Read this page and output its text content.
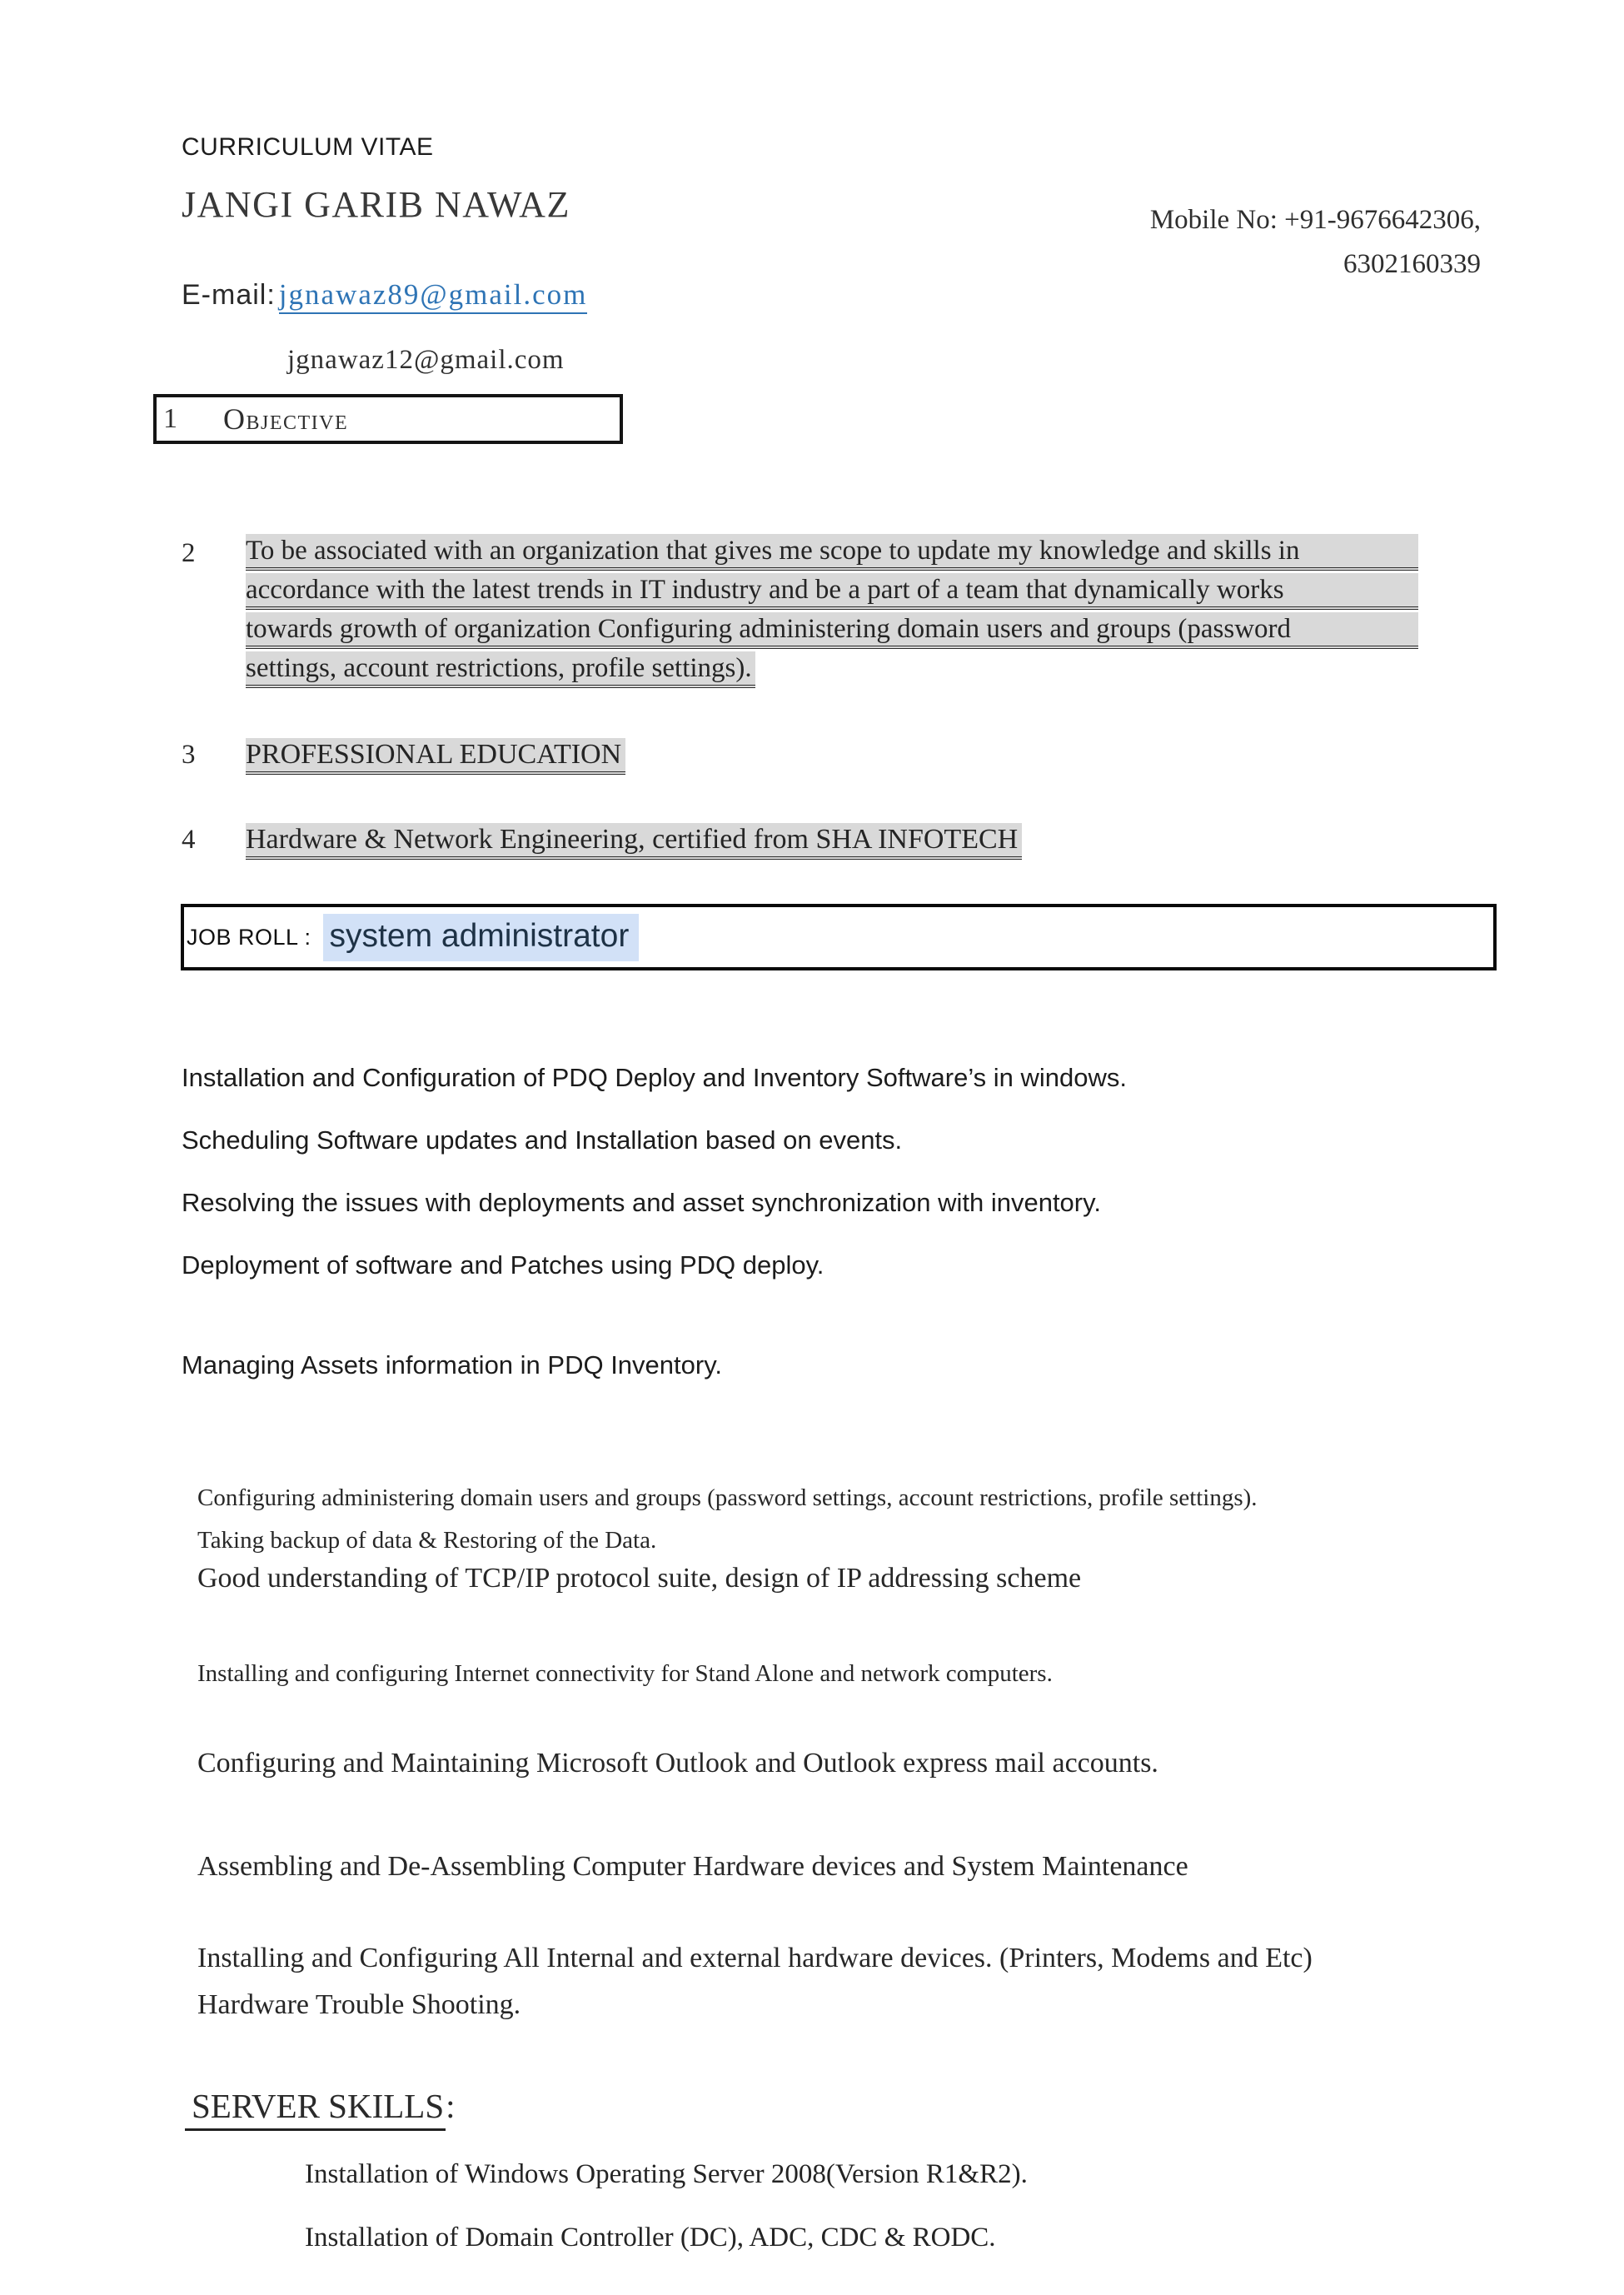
CURRICULUM VITAE
JANGI GARIB NAWAZ	Mobile No: +91-9676642306,
6302160339
E-mail: jgnawaz89@gmail.com
jgnawaz12@gmail.com
1 Objective
2 To be associated with an organization that gives me scope to update my knowledge and skills in
accordance with the latest trends in IT industry and be a part of a team that dynamically works
towards growth of organization Configuring administering domain users and groups (password
settings, account restrictions, profile settings).
3 PROFESSIONAL EDUCATION
4 Hardware & Network Engineering, certified from SHA INFOTECH
JOB ROLL : system administrator
Installation and Configuration of PDQ Deploy and Inventory Software’s in windows.
Scheduling Software updates and Installation based on events.
Resolving the issues with deployments and asset synchronization with inventory.
Deployment of software and Patches using PDQ deploy.
Managing Assets information in PDQ Inventory.
Configuring administering domain users and groups (password settings, account restrictions, profile settings).
Taking backup of data & Restoring of the Data.
Good understanding of TCP/IP protocol suite, design of IP addressing scheme
Installing and configuring Internet connectivity for Stand Alone and network computers.
Configuring and Maintaining Microsoft Outlook and Outlook express mail accounts.
Assembling and De-Assembling Computer Hardware devices and System Maintenance
Installing and Configuring All Internal and external hardware devices. (Printers, Modems and Etc)
Hardware Trouble Shooting.
SERVER SKILLS:
Installation of Windows Operating Server 2008(Version R1&R2).
Installation of Domain Controller (DC), ADC, CDC & RODC.
